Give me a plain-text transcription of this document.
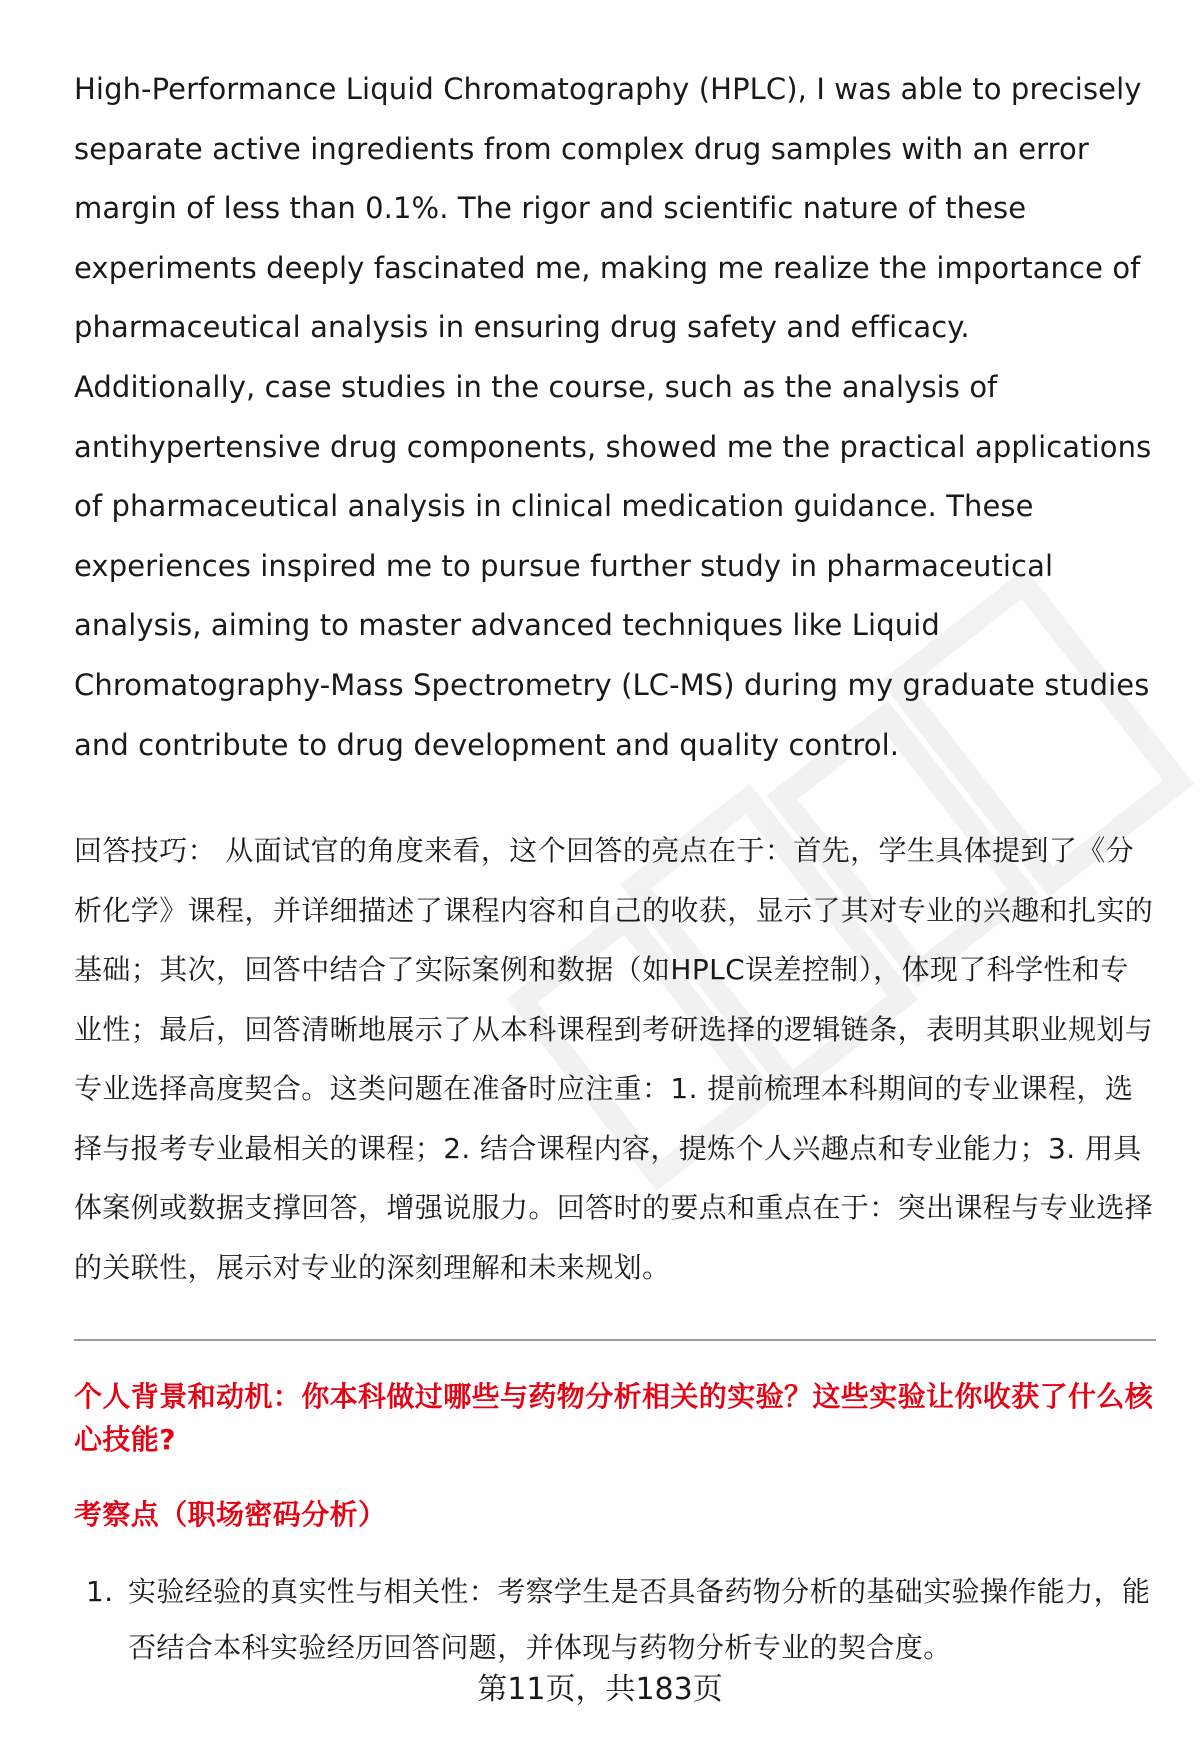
High-Performance Liquid Chromatography (HPLC), I was able to precisely separate active ingredients from complex drug samples with an error margin of less than 0.1%. The rigor and scientific nature of these experiments deeply fascinated me, making me realize the importance of pharmaceutical analysis in ensuring drug safety and efficacy. Additionally, case studies in the course, such as the analysis of antihypertensive drug components, showed me the practical applications of pharmaceutical analysis in clinical medication guidance. These experiences inspired me to pursue further study in pharmaceutical analysis, aiming to master advanced techniques like Liquid Chromatography-Mass Spectrometry (LC-MS) during my graduate studies and contribute to drug development and quality control.

回答技巧： 从面试官的角度来看，这个回答的亮点在于：首先，学生具体提到了《分析化学》课程，并详细描述了课程内容和自己的收获，显示了其对专业的兴趣和扎实的基础；其次，回答中结合了实际案例和数据（如HPLC误差控制），体现了科学性和专业性；最后，回答清晰地展示了从本科课程到考研选择的逻辑链条，表明其职业规划与专业选择高度契合。这类问题在准备时应注重：1. 提前梳理本科期间的专业课程，选择与报考专业最相关的课程；2. 结合课程内容，提炼个人兴趣点和专业能力；3. 用具体案例或数据支撑回答，增强说服力。回答时的要点和重点在于：突出课程与专业选择的关联性，展示对专业的深刻理解和未来规划。

个人背景和动机：你本科做过哪些与药物分析相关的实验？这些实验让你收获了什么核心技能?
考察点（职场密码分析）
1. 实验经验的真实性与相关性：考察学生是否具备药物分析的基础实验操作能力，能否结合本科实验经历回答问题，并体现与药物分析专业的契合度。
第11页，共183页
